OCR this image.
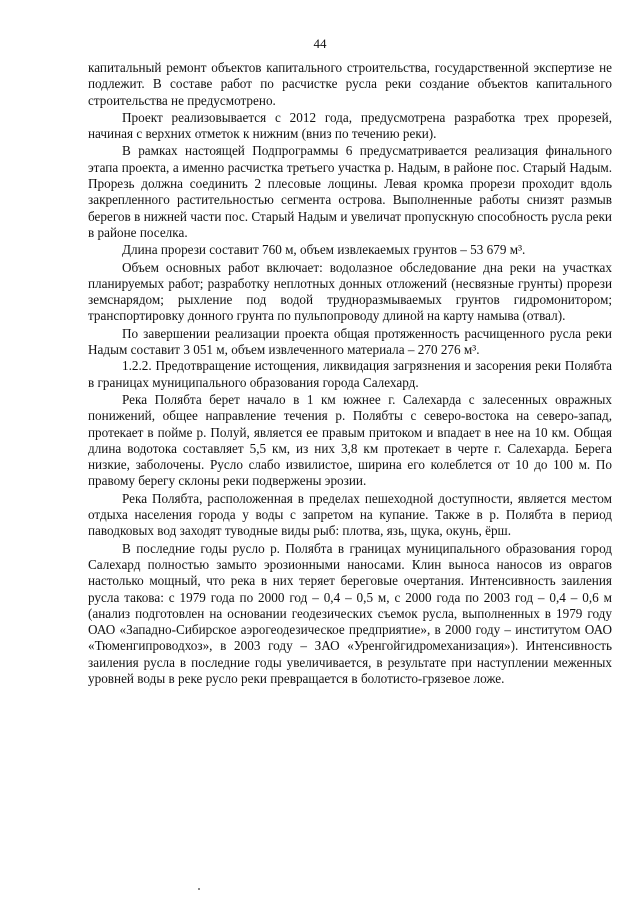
44

капитальный ремонт объектов капитального строительства, государственной экспертизе не подлежит. В составе работ по расчистке русла реки создание объектов капитального строительства не предусмотрено.

Проект реализовывается с 2012 года, предусмотрена разработка трех прорезей, начиная с верхних отметок к нижним (вниз по течению реки).

В рамках настоящей Подпрограммы 6 предусматривается реализация финального этапа проекта, а именно расчистка третьего участка р. Надым, в районе пос. Старый Надым. Прорезь должна соединить 2 плесовые лощины. Левая кромка прорези проходит вдоль закрепленного растительностью сегмента острова. Выполненные работы снизят размыв берегов в нижней части пос. Старый Надым и увеличат пропускную способность русла реки в районе поселка.

Длина прорези составит 760 м, объем извлекаемых грунтов – 53 679 м³.

Объем основных работ включает: водолазное обследование дна реки на участках планируемых работ; разработку неплотных донных отложений (несвязные грунты) прорези земснарядом; рыхление под водой трудноразмываемых грунтов гидромонитором; транспортировку донного грунта по пульпопроводу длиной на карту намыва (отвал).

По завершении реализации проекта общая протяженность расчищенного русла реки Надым составит 3 051 м, объем извлеченного материала – 270 276 м³.

1.2.2. Предотвращение истощения, ликвидация загрязнения и засорения реки Полябта в границах муниципального образования города Салехард.

Река Полябта берет начало в 1 км южнее г. Салехарда с залесенных овражных понижений, общее направление течения р. Полябты с северо-востока на северо-запад, протекает в пойме р. Полуй, является ее правым притоком и впадает в нее на 10 км. Общая длина водотока составляет 5,5 км, из них 3,8 км протекает в черте г. Салехарда. Берега низкие, заболочены. Русло слабо извилистое, ширина его колеблется от 10 до 100 м. По правому берегу склоны реки подвержены эрозии.

Река Полябта, расположенная в пределах пешеходной доступности, является местом отдыха населения города у воды с запретом на купание. Также в р. Полябта в период паводковых вод заходят туводные виды рыб: плотва, язь, щука, окунь, ёрш.

В последние годы русло р. Полябта в границах муниципального образования город Салехард полностью замыто эрозионными наносами. Клин выноса наносов из оврагов настолько мощный, что река в них теряет береговые очертания. Интенсивность заиления русла такова: с 1979 года по 2000 год – 0,4 – 0,5 м, с 2000 года по 2003 год – 0,4 – 0,6 м (анализ подготовлен на основании геодезических съемок русла, выполненных в 1979 году ОАО «Западно-Сибирское аэрогеодезическое предприятие», в 2000 году – институтом ОАО «Тюменгипроводхоз», в 2003 году – ЗАО «Уренгойгидромеханизация»). Интенсивность заиления русла в последние годы увеличивается, в результате при наступлении меженных уровней воды в реке русло реки превращается в болотисто-грязевое ложе.
